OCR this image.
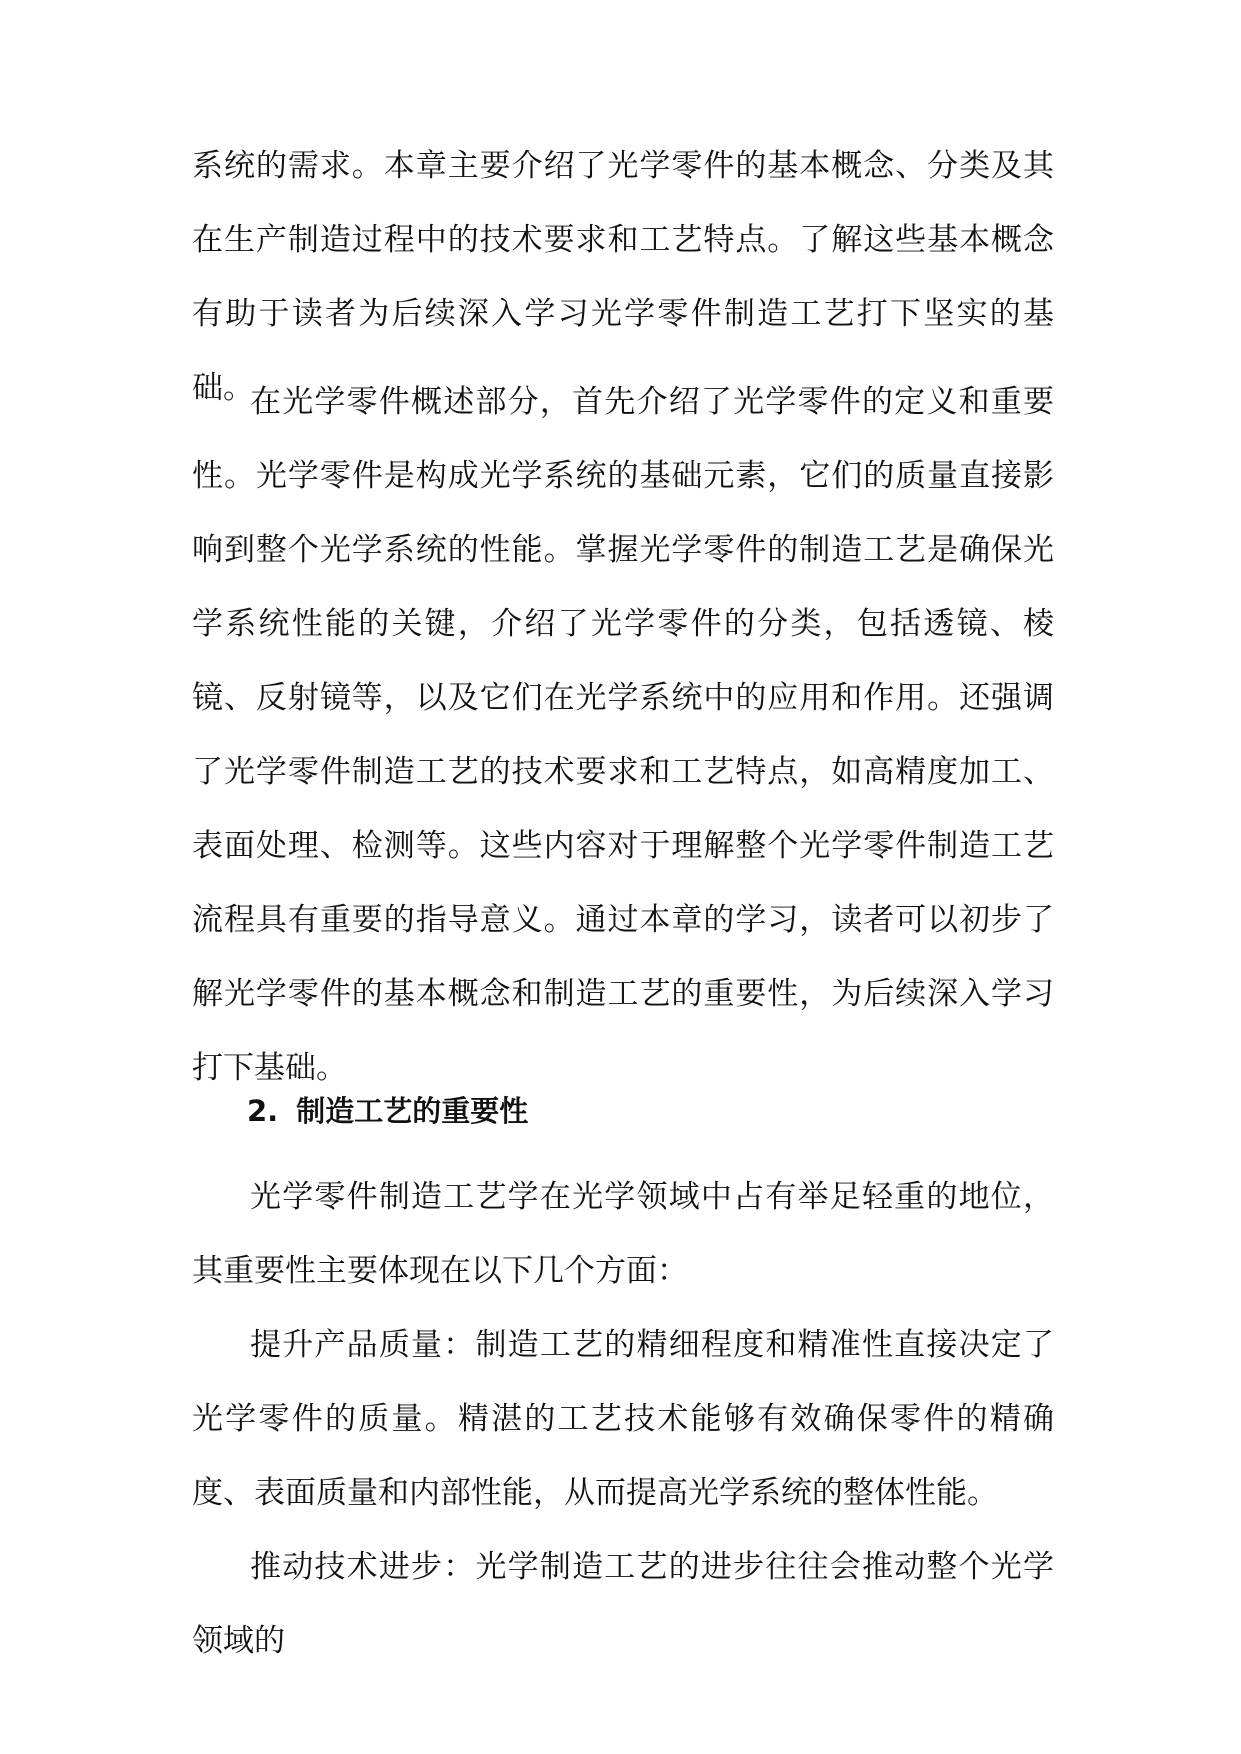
系统的需求。本章主要介绍了光学零件的基本概念、分类及其在生产制造过程中的技术要求和工艺特点。了解这些基本概念有助于读者为后续深入学习光学零件制造工艺打下坚实的基础。

在光学零件概述部分，首先介绍了光学零件的定义和重要性。光学零件是构成光学系统的基础元素，它们的质量直接影响到整个光学系统的性能。掌握光学零件的制造工艺是确保光学系统性能的关键，介绍了光学零件的分类，包括透镜、棱镜、反射镜等，以及它们在光学系统中的应用和作用。还强调了光学零件制造工艺的技术要求和工艺特点，如高精度加工、表面处理、检测等。这些内容对于理解整个光学零件制造工艺流程具有重要的指导意义。通过本章的学习，读者可以初步了解光学零件的基本概念和制造工艺的重要性，为后续深入学习打下基础。

2. 制造工艺的重要性

光学零件制造工艺学在光学领域中占有举足轻重的地位，其重要性主要体现在以下几个方面：

提升产品质量：制造工艺的精细程度和精准性直接决定了光学零件的质量。精湛的工艺技术能够有效确保零件的精确度、表面质量和内部性能，从而提高光学系统的整体性能。

推动技术进步：光学制造工艺的进步往往会推动整个光学领域的
